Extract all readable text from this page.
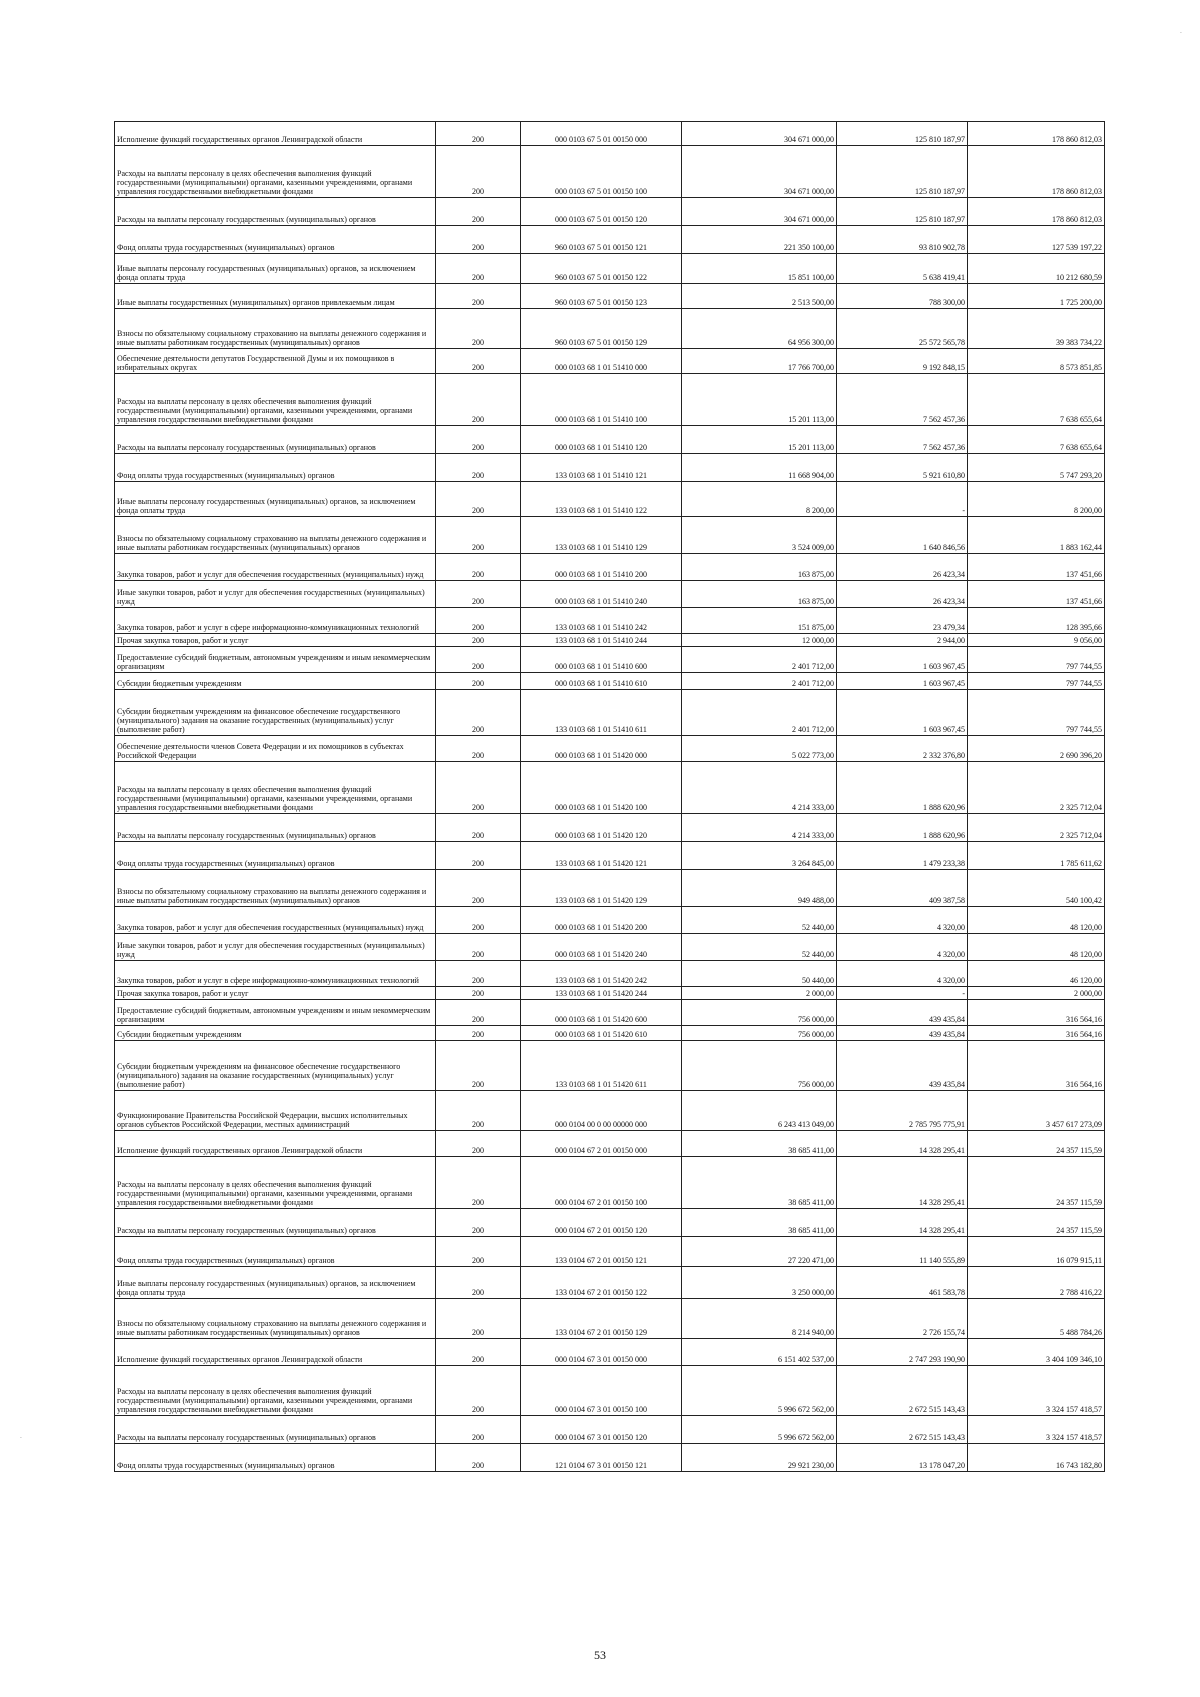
Исполнение функций государственных органов Ленинградской области	200	000 0103 67 5 01 00150 000	304 671 000,00	125 810 187,97	178 860 812,03
Расходы на выплаты персоналу в целях обеспечения выполнения функций государственными (муниципальными) органами, казенными учреждениями, органами управления государственными внебюджетными фондами	200	000 0103 67 5 01 00150 100	304 671 000,00	125 810 187,97	178 860 812,03
Расходы на выплаты персоналу государственных (муниципальных) органов	200	000 0103 67 5 01 00150 120	304 671 000,00	125 810 187,97	178 860 812,03
Фонд оплаты труда государственных (муниципальных) органов	200	960 0103 67 5 01 00150 121	221 350 100,00	93 810 902,78	127 539 197,22
Иные выплаты персоналу государственных (муниципальных) органов, за исключением фонда оплаты труда	200	960 0103 67 5 01 00150 122	15 851 100,00	5 638 419,41	10 212 680,59
Иные выплаты государственных (муниципальных) органов привлекаемым лицам	200	960 0103 67 5 01 00150 123	2 513 500,00	788 300,00	1 725 200,00
Взносы по обязательному социальному страхованию на выплаты денежного содержания и иные выплаты работникам государственных (муниципальных) органов	200	960 0103 67 5 01 00150 129	64 956 300,00	25 572 565,78	39 383 734,22
Обеспечение деятельности депутатов Государственной Думы и их помощников в избирательных округах	200	000 0103 68 1 01 51410 000	17 766 700,00	9 192 848,15	8 573 851,85
Расходы на выплаты персоналу в целях обеспечения выполнения функций государственными (муниципальными) органами, казенными учреждениями, органами управления государственными внебюджетными фондами	200	000 0103 68 1 01 51410 100	15 201 113,00	7 562 457,36	7 638 655,64
Расходы на выплаты персоналу государственных (муниципальных) органов	200	000 0103 68 1 01 51410 120	15 201 113,00	7 562 457,36	7 638 655,64
Фонд оплаты труда государственных (муниципальных) органов	200	133 0103 68 1 01 51410 121	11 668 904,00	5 921 610,80	5 747 293,20
Иные выплаты персоналу государственных (муниципальных) органов, за исключением фонда оплаты труда	200	133 0103 68 1 01 51410 122	8 200,00	-	8 200,00
Взносы по обязательному социальному страхованию на выплаты денежного содержания и иные выплаты работникам государственных (муниципальных) органов	200	133 0103 68 1 01 51410 129	3 524 009,00	1 640 846,56	1 883 162,44
Закупка товаров, работ и услуг для обеспечения государственных (муниципальных) нужд	200	000 0103 68 1 01 51410 200	163 875,00	26 423,34	137 451,66
Иные закупки товаров, работ и услуг для обеспечения государственных (муниципальных) нужд	200	000 0103 68 1 01 51410 240	163 875,00	26 423,34	137 451,66
Закупка товаров, работ и услуг в сфере информационно-коммуникационных технологий	200	133 0103 68 1 01 51410 242	151 875,00	23 479,34	128 395,66
Прочая закупка товаров, работ и услуг	200	133 0103 68 1 01 51410 244	12 000,00	2 944,00	9 056,00
Предоставление субсидий бюджетным, автономным учреждениям и иным некоммерческим организациям	200	000 0103 68 1 01 51410 600	2 401 712,00	1 603 967,45	797 744,55
Субсидии бюджетным учреждениям	200	000 0103 68 1 01 51410 610	2 401 712,00	1 603 967,45	797 744,55
Субсидии бюджетным учреждениям на финансовое обеспечение государственного (муниципального) задания на оказание государственных (муниципальных) услуг (выполнение работ)	200	133 0103 68 1 01 51410 611	2 401 712,00	1 603 967,45	797 744,55
Обеспечение деятельности членов Совета Федерации и их помощников в субъектах Российской Федерации	200	000 0103 68 1 01 51420 000	5 022 773,00	2 332 376,80	2 690 396,20
Расходы на выплаты персоналу в целях обеспечения выполнения функций государственными (муниципальными) органами, казенными учреждениями, органами управления государственными внебюджетными фондами	200	000 0103 68 1 01 51420 100	4 214 333,00	1 888 620,96	2 325 712,04
Расходы на выплаты персоналу государственных (муниципальных) органов	200	000 0103 68 1 01 51420 120	4 214 333,00	1 888 620,96	2 325 712,04
Фонд оплаты труда государственных (муниципальных) органов	200	133 0103 68 1 01 51420 121	3 264 845,00	1 479 233,38	1 785 611,62
Взносы по обязательному социальному страхованию на выплаты денежного содержания и иные выплаты работникам государственных (муниципальных) органов	200	133 0103 68 1 01 51420 129	949 488,00	409 387,58	540 100,42
Закупка товаров, работ и услуг для обеспечения государственных (муниципальных) нужд	200	000 0103 68 1 01 51420 200	52 440,00	4 320,00	48 120,00
Иные закупки товаров, работ и услуг для обеспечения государственных (муниципальных) нужд	200	000 0103 68 1 01 51420 240	52 440,00	4 320,00	48 120,00
Закупка товаров, работ и услуг в сфере информационно-коммуникационных технологий	200	133 0103 68 1 01 51420 242	50 440,00	4 320,00	46 120,00
Прочая закупка товаров, работ и услуг	200	133 0103 68 1 01 51420 244	2 000,00	-	2 000,00
Предоставление субсидий бюджетным, автономным учреждениям и иным некоммерческим организациям	200	000 0103 68 1 01 51420 600	756 000,00	439 435,84	316 564,16
Субсидии бюджетным учреждениям	200	000 0103 68 1 01 51420 610	756 000,00	439 435,84	316 564,16
Субсидии бюджетным учреждениям на финансовое обеспечение государственного (муниципального) задания на оказание государственных (муниципальных) услуг (выполнение работ)	200	133 0103 68 1 01 51420 611	756 000,00	439 435,84	316 564,16
Функционирование Правительства Российской Федерации, высших исполнительных органов субъектов Российской Федерации, местных администраций	200	000 0104 00 0 00 00000 000	6 243 413 049,00	2 785 795 775,91	3 457 617 273,09
Исполнение функций государственных органов Ленинградской области	200	000 0104 67 2 01 00150 000	38 685 411,00	14 328 295,41	24 357 115,59
Расходы на выплаты персоналу в целях обеспечения выполнения функций государственными (муниципальными) органами, казенными учреждениями, органами управления государственными внебюджетными фондами	200	000 0104 67 2 01 00150 100	38 685 411,00	14 328 295,41	24 357 115,59
Расходы на выплаты персоналу государственных (муниципальных) органов	200	000 0104 67 2 01 00150 120	38 685 411,00	14 328 295,41	24 357 115,59
Фонд оплаты труда государственных (муниципальных) органов	200	133 0104 67 2 01 00150 121	27 220 471,00	11 140 555,89	16 079 915,11
Иные выплаты персоналу государственных (муниципальных) органов, за исключением фонда оплаты труда	200	133 0104 67 2 01 00150 122	3 250 000,00	461 583,78	2 788 416,22
Взносы по обязательному социальному страхованию на выплаты денежного содержания и иные выплаты работникам государственных (муниципальных) органов	200	133 0104 67 2 01 00150 129	8 214 940,00	2 726 155,74	5 488 784,26
Исполнение функций государственных органов Ленинградской области	200	000 0104 67 3 01 00150 000	6 151 402 537,00	2 747 293 190,90	3 404 109 346,10
Расходы на выплаты персоналу в целях обеспечения выполнения функций государственными (муниципальными) органами, казенными учреждениями, органами управления государственными внебюджетными фондами	200	000 0104 67 3 01 00150 100	5 996 672 562,00	2 672 515 143,43	3 324 157 418,57
Расходы на выплаты персоналу государственных (муниципальных) органов	200	000 0104 67 3 01 00150 120	5 996 672 562,00	2 672 515 143,43	3 324 157 418,57
Фонд оплаты труда государственных (муниципальных) органов	200	121 0104 67 3 01 00150 121	29 921 230,00	13 178 047,20	16 743 182,80
53
·
·
